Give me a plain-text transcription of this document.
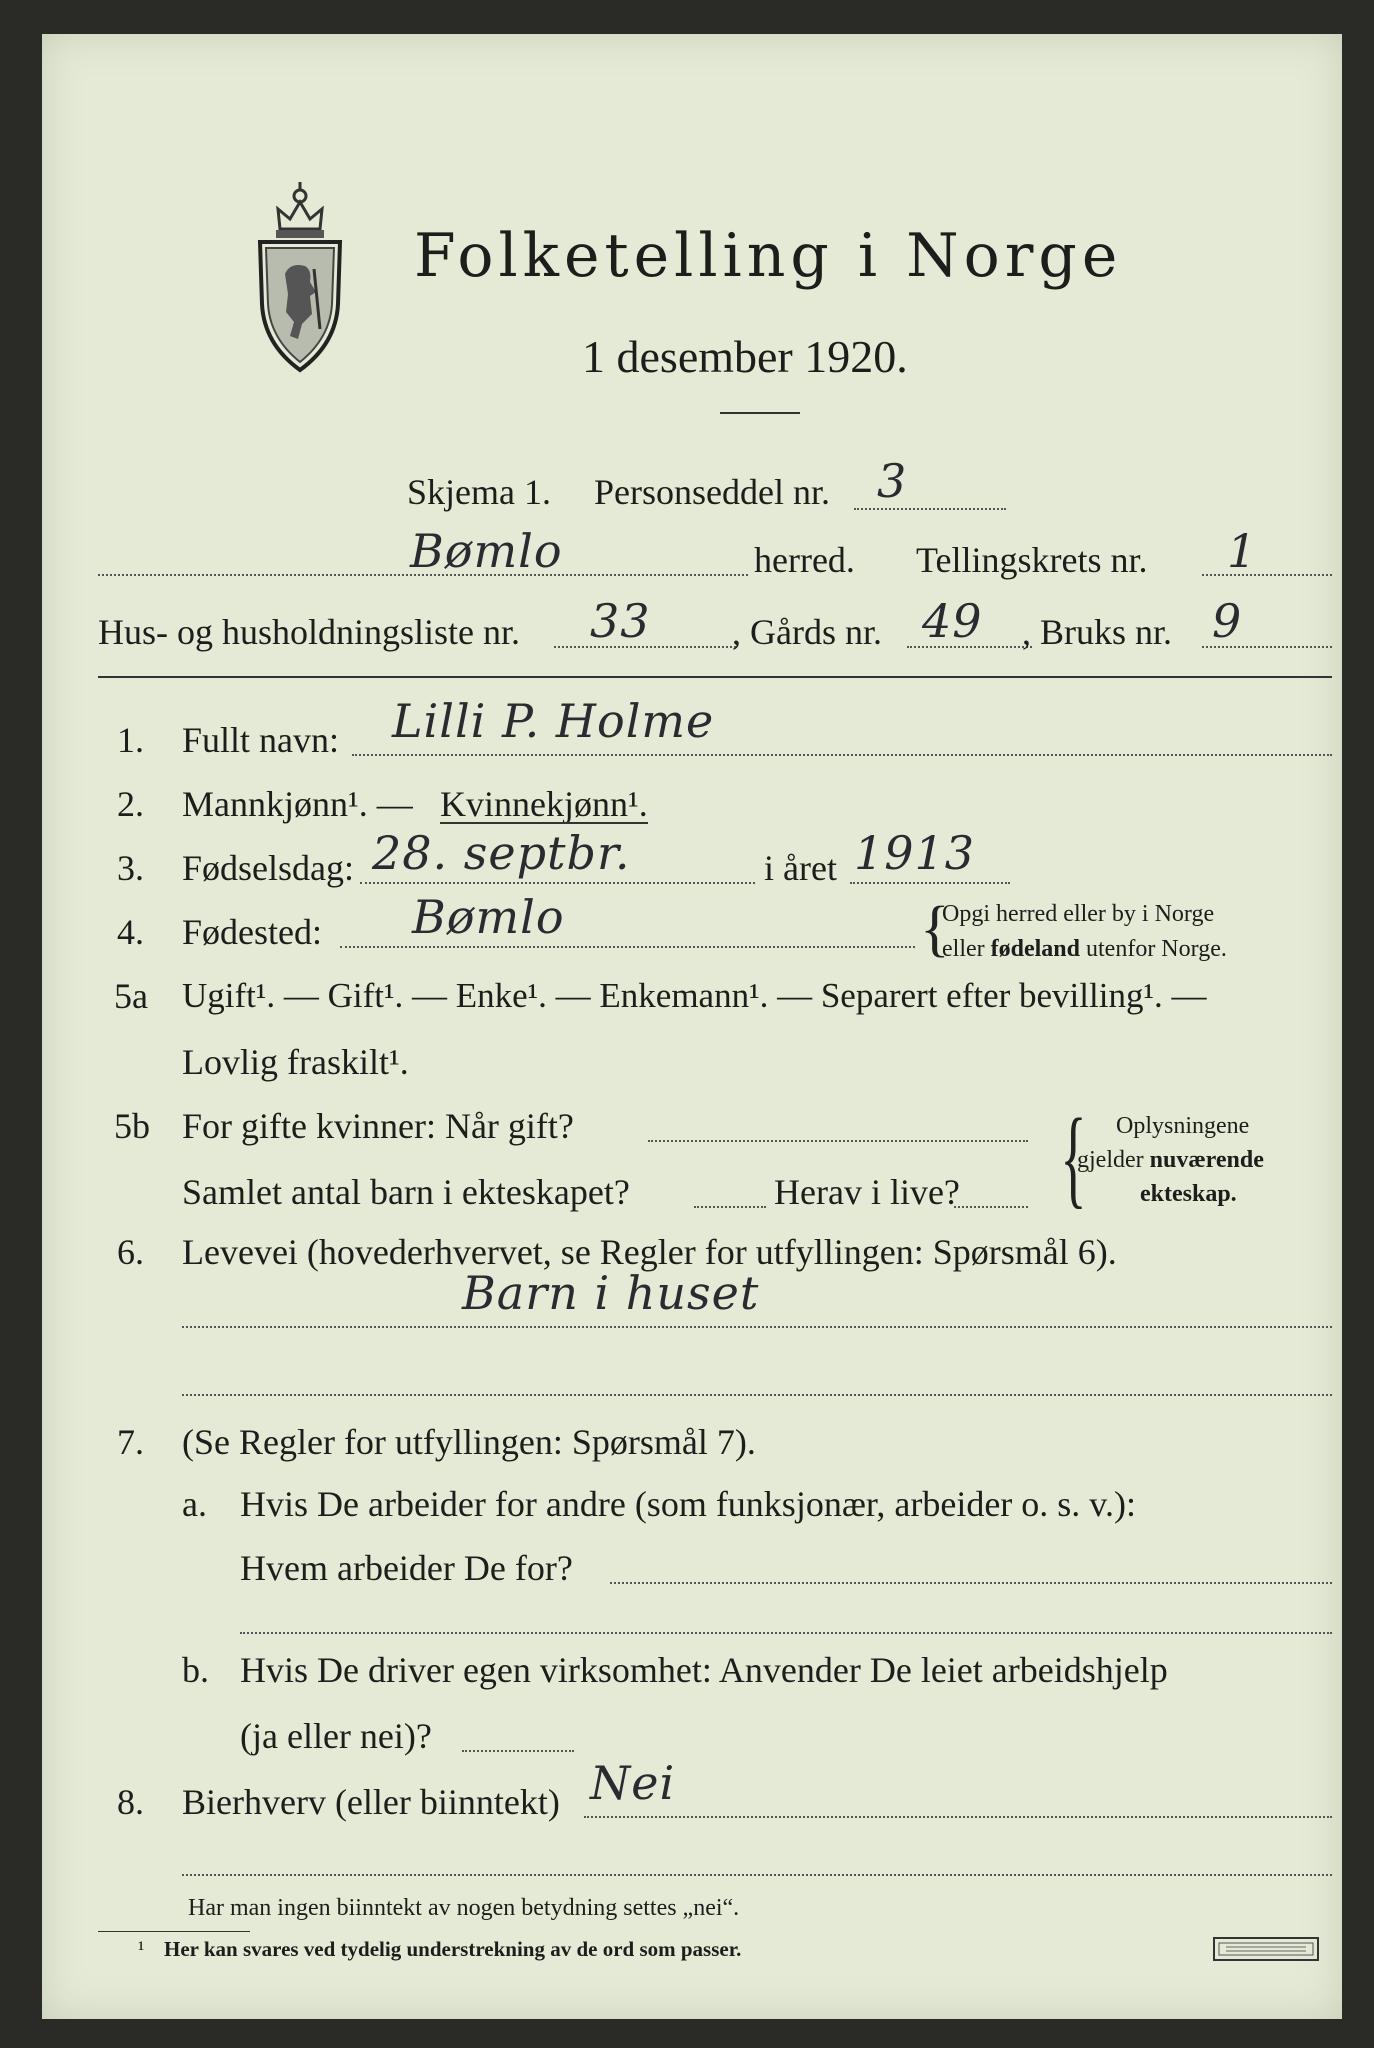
Folketelling i Norge
1 desember 1920.
Skjema 1. Personseddel nr. 3
Bømlo	herred. Tellingskrets nr. 1
Hus- og husholdningsliste nr. 33 , Gårds nr. 49 , Bruks nr. 9
1. Fullt navn: Lilli P. Holme
2. Mannkjønn¹. — Kvinnekjønn¹.
3. Fødselsdag: 28. septbr.	i året 1913
4. Fødested: Bømlo	{
Opgi herred eller by i Norge
eller fødeland utenfor Norge.
5a Ugift¹. — Gift¹. — Enke¹. — Enkemann¹. — Separert efter bevilling¹. —
Lovlig fraskilt¹.
5b For gifte kvinner: Når gift?
Samlet antal barn i ekteskapet?	Herav i live? { Oplysningene
gjelder nuværende
ekteskap.
6. Levevei (hovederhvervet, se Regler for utfyllingen: Spørsmål 6).
Barn i huset
7. (Se Regler for utfyllingen: Spørsmål 7).
a. Hvis De arbeider for andre (som funksjonær, arbeider o. s. v.):
Hvem arbeider De for?
b. Hvis De driver egen virksomhet: Anvender De leiet arbeidshjelp
(ja eller nei)?
8. Bierhverv (eller biinntekt) Nei
Har man ingen biinntekt av nogen betydning settes „nei“.
¹ Her kan svares ved tydelig understrekning av de ord som passer.
